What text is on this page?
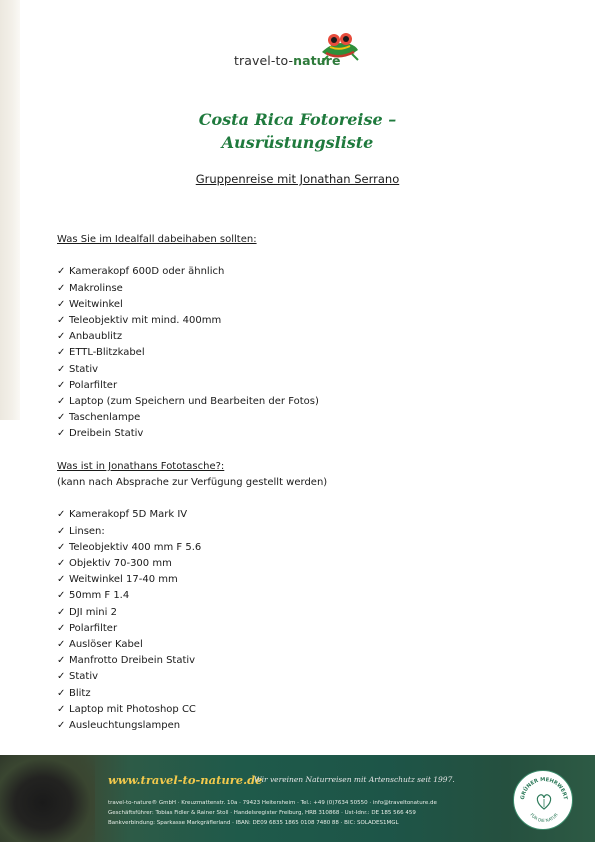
travel-to-nature
Costa Rica Fotoreise –
Ausrüstungsliste
Gruppenreise mit Jonathan Serrano
Was Sie im Idealfall dabeihaben sollten:
✓ Kamerakopf 600D oder ähnlich
✓ Makrolinse
✓ Weitwinkel
✓ Teleobjektiv mit mind. 400mm
✓ Anbaublitz
✓ ETTL-Blitzkabel
✓ Stativ
✓ Polarfilter
✓ Laptop (zum Speichern und Bearbeiten der Fotos)
✓ Taschenlampe
✓ Dreibein Stativ
Was ist in Jonathans Fototasche?:
(kann nach Absprache zur Verfügung gestellt werden)
✓ Kamerakopf 5D Mark IV
✓ Linsen:
✓ Teleobjektiv 400 mm F 5.6
✓ Objektiv 70-300 mm
✓ Weitwinkel 17-40 mm
✓ 50mm F 1.4
✓ DJI mini 2
✓ Polarfilter
✓ Auslöser Kabel
✓ Manfrotto Dreibein Stativ
✓ Stativ
✓ Blitz
✓ Laptop mit Photoshop CC
✓ Ausleuchtungslampen
www.travel-to-nature.de
Wir vereinen Naturreisen mit Artenschutz seit 1997.
travel-to-nature® GmbH · Kreuzmattenstr. 10a · 79423 Heitersheim · Tel.: +49 (0)7634 50550 · info@traveltonature.de
Geschäftsführer: Tobias Fidler & Rainer Stoll · Handelsregister Freiburg, HRB 310868 · Ust-Idnr.: DE 185 566 459
Bankverbindung: Sparkasse Markgräflerland · IBAN: DE09 6835 1865 0108 7480 88 · BIC: SOLADES1MGL
GRÜNER MEHRWERT
FÜR DIE NATUR
